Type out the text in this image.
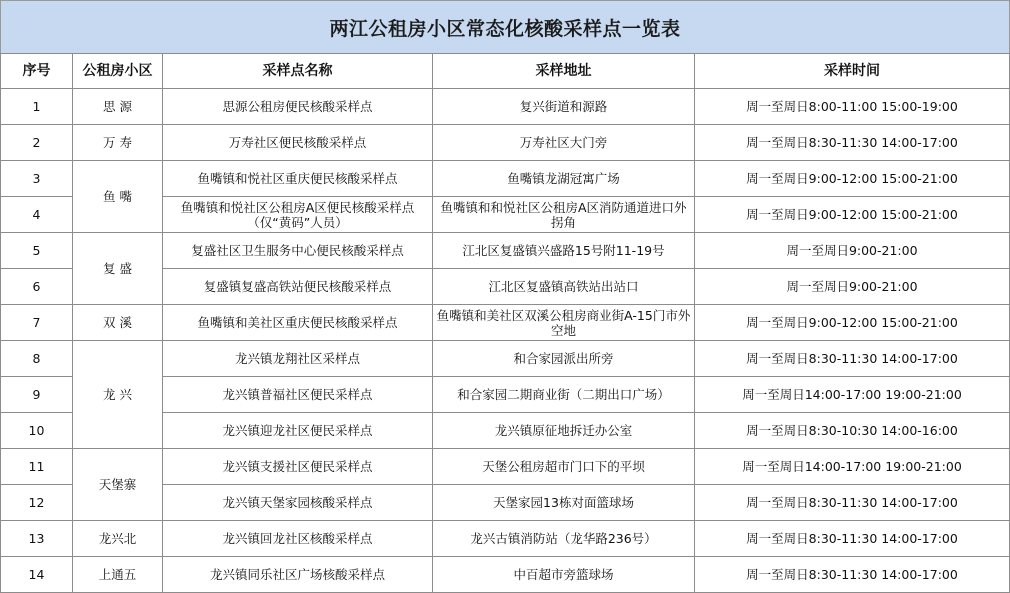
两江公租房小区常态化核酸采样点一览表
序号	公租房小区	采样点名称	采样地址	采样时间
1	思 源	思源公租房便民核酸采样点	复兴街道和源路	周一至周日8:00-11:00 15:00-19:00
2	万 寿	万寿社区便民核酸采样点	万寿社区大门旁	周一至周日8:30-11:30 14:00-17:00
3	鱼 嘴	鱼嘴镇和悦社区重庆便民核酸采样点	鱼嘴镇龙湖冠寓广场	周一至周日9:00-12:00 15:00-21:00
4		鱼嘴镇和悦社区公租房A区便民核酸采样点（仅“黄码”人员）	鱼嘴镇和和悦社区公租房A区消防通道进口外拐角	周一至周日9:00-12:00 15:00-21:00
5	复 盛	复盛社区卫生服务中心便民核酸采样点	江北区复盛镇兴盛路15号附11-19号	周一至周日9:00-21:00
6		复盛镇复盛高铁站便民核酸采样点	江北区复盛镇高铁站出站口	周一至周日9:00-21:00
7	双 溪	鱼嘴镇和美社区重庆便民核酸采样点	鱼嘴镇和美社区双溪公租房商业街A-15门市外空地	周一至周日9:00-12:00 15:00-21:00
8	龙 兴	龙兴镇龙翔社区采样点	和合家园派出所旁	周一至周日8:30-11:30 14:00-17:00
9		龙兴镇普福社区便民采样点	和合家园二期商业街（二期出口广场）	周一至周日14:00-17:00 19:00-21:00
10		龙兴镇迎龙社区便民采样点	龙兴镇原征地拆迁办公室	周一至周日8:30-10:30 14:00-16:00
11	天堡寨	龙兴镇支援社区便民采样点	天堡公租房超市门口下的平坝	周一至周日14:00-17:00 19:00-21:00
12		龙兴镇天堡家园核酸采样点	天堡家园13栋对面篮球场	周一至周日8:30-11:30 14:00-17:00
13	龙兴北	龙兴镇回龙社区核酸采样点	龙兴古镇消防站（龙华路236号）	周一至周日8:30-11:30 14:00-17:00
14	上通五	龙兴镇同乐社区广场核酸采样点	中百超市旁篮球场	周一至周日8:30-11:30 14:00-17:00
